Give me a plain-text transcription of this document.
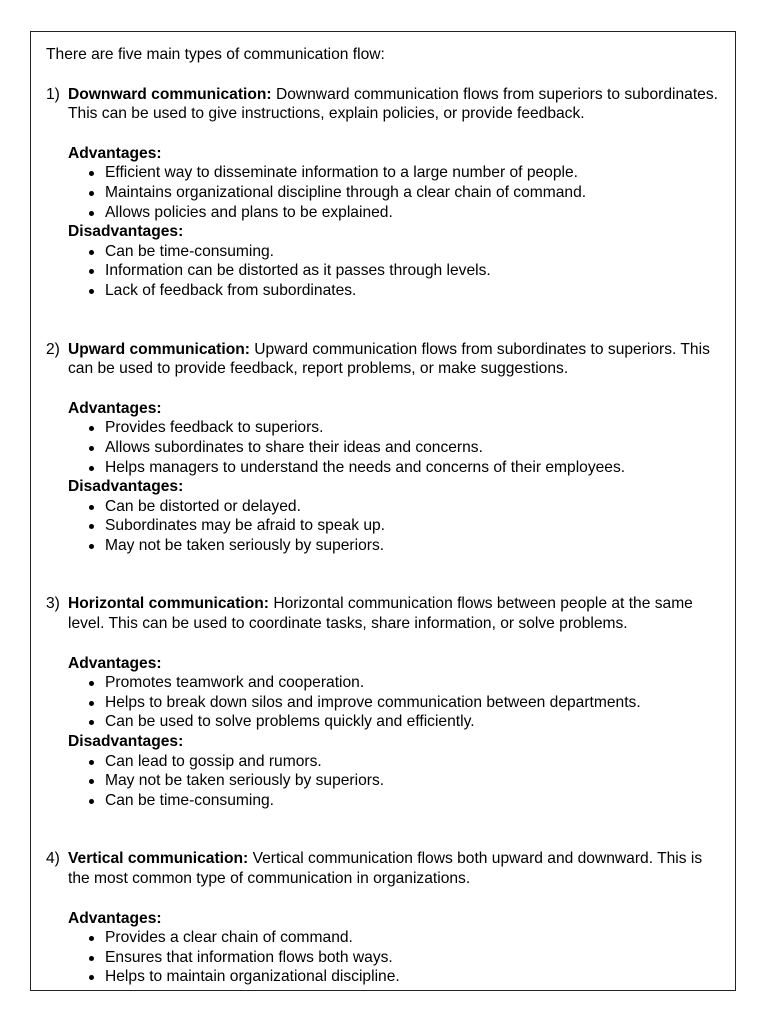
There are five main types of communication flow:

1) Downward communication: Downward communication flows from superiors to subordinates. This can be used to give instructions, explain policies, or provide feedback.
Advantages:
Efficient way to disseminate information to a large number of people.
Maintains organizational discipline through a clear chain of command.
Allows policies and plans to be explained.
Disadvantages:
Can be time-consuming.
Information can be distorted as it passes through levels.
Lack of feedback from subordinates.
2) Upward communication: Upward communication flows from subordinates to superiors. This can be used to provide feedback, report problems, or make suggestions.
Advantages:
Provides feedback to superiors.
Allows subordinates to share their ideas and concerns.
Helps managers to understand the needs and concerns of their employees.
Disadvantages:
Can be distorted or delayed.
Subordinates may be afraid to speak up.
May not be taken seriously by superiors.
3) Horizontal communication: Horizontal communication flows between people at the same level. This can be used to coordinate tasks, share information, or solve problems.
Advantages:
Promotes teamwork and cooperation.
Helps to break down silos and improve communication between departments.
Can be used to solve problems quickly and efficiently.
Disadvantages:
Can lead to gossip and rumors.
May not be taken seriously by superiors.
Can be time-consuming.
4) Vertical communication: Vertical communication flows both upward and downward. This is the most common type of communication in organizations.
Advantages:
Provides a clear chain of command.
Ensures that information flows both ways.
Helps to maintain organizational discipline.
